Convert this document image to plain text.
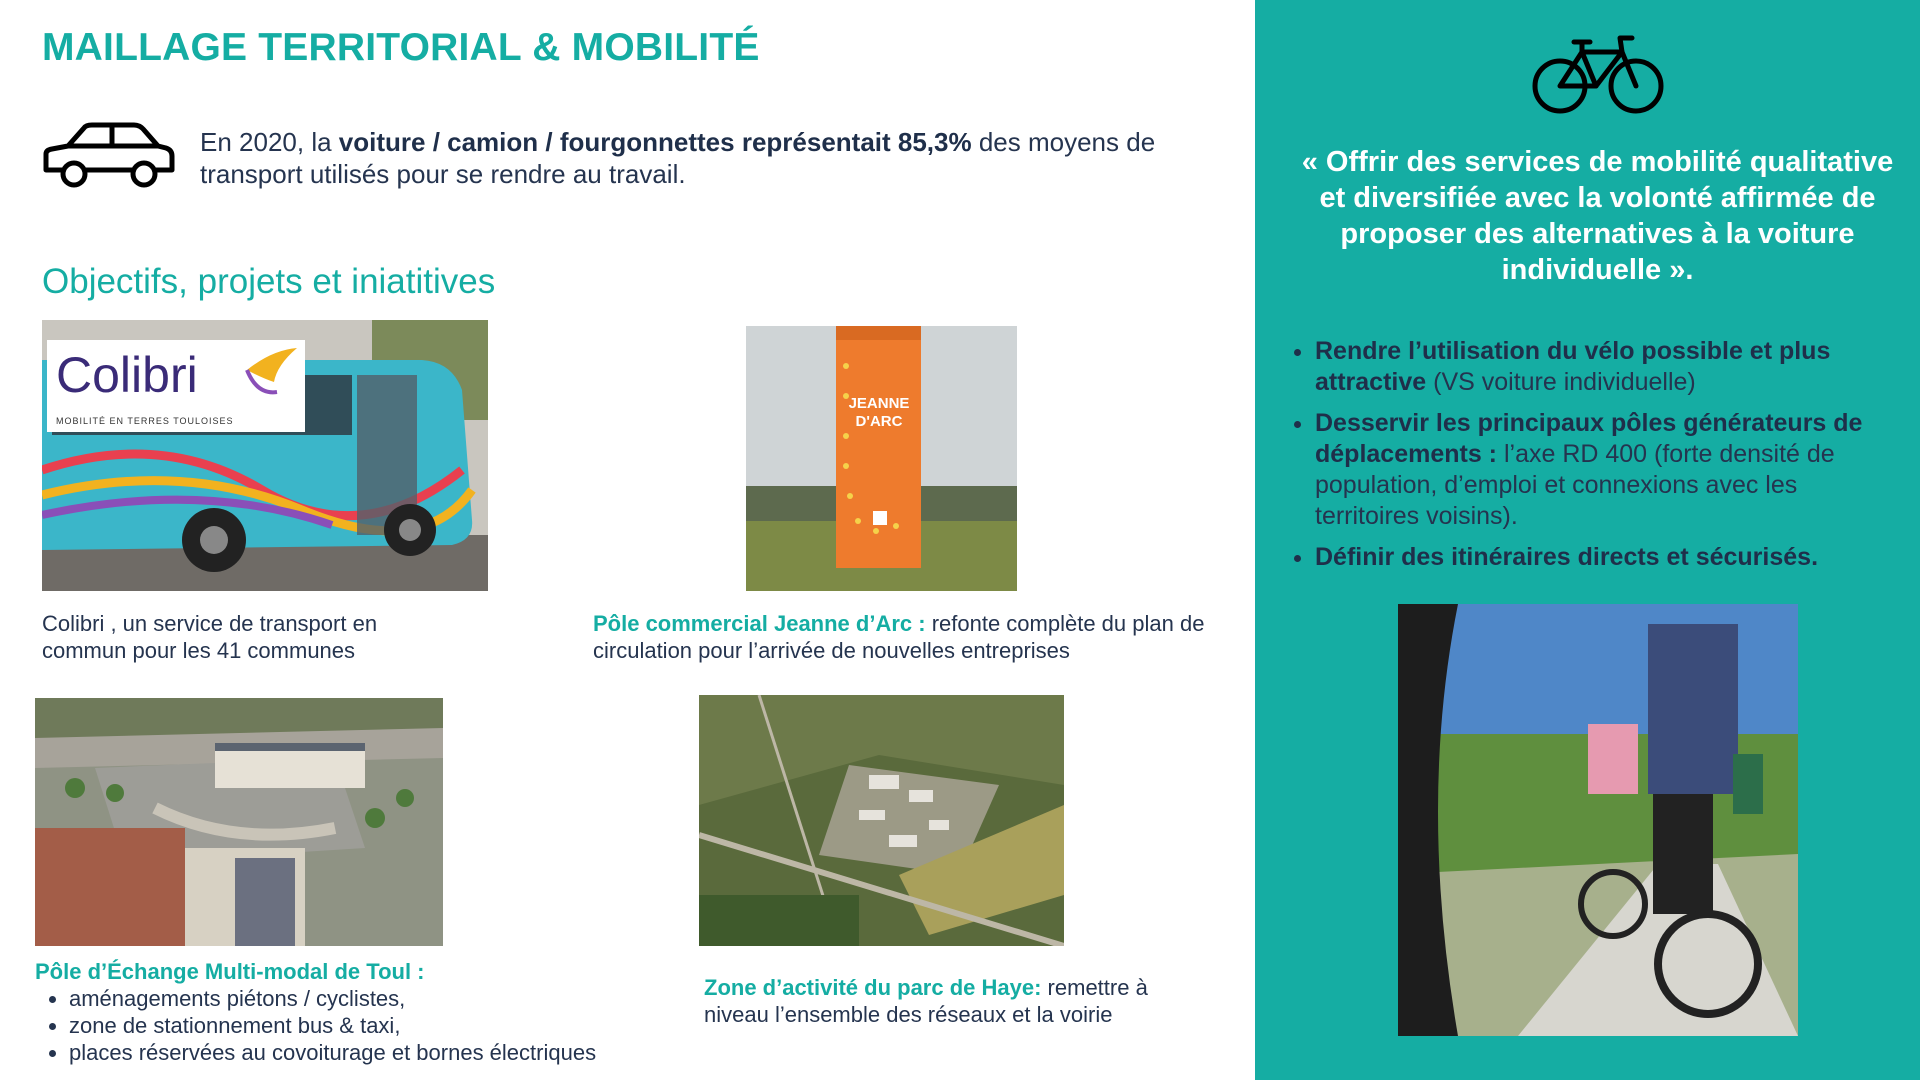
MAILLAGE TERRITORIAL & MOBILITÉ
En 2020, la voiture / camion / fourgonnettes représentait 85,3% des moyens de transport utilisés pour se rendre au travail.
Objectifs, projets et iniatitives
Colibri
MOBILITÉ EN TERRES TOULOISES
JEANNE
D'ARC
Colibri , un service de transport en commun pour les 41 communes
Pôle commercial Jeanne d’Arc : refonte complète du plan de circulation pour l’arrivée de nouvelles entreprises
Pôle d’Échange Multi-modal de Toul :
• aménagements piétons / cyclistes,
• zone de stationnement bus & taxi,
• places réservées au covoiturage et bornes électriques
Zone d’activité du parc de Haye: remettre à niveau l’ensemble des réseaux et la voirie
« Offrir des services de mobilité qualitative et diversifiée avec la volonté affirmée de proposer des alternatives à la voiture individuelle ».
• Rendre l’utilisation du vélo possible et plus attractive (VS voiture individuelle)
• Desservir les principaux pôles générateurs de déplacements : l’axe RD 400 (forte densité de population, d’emploi et connexions avec les territoires voisins).
• Définir des itinéraires directs et sécurisés.
